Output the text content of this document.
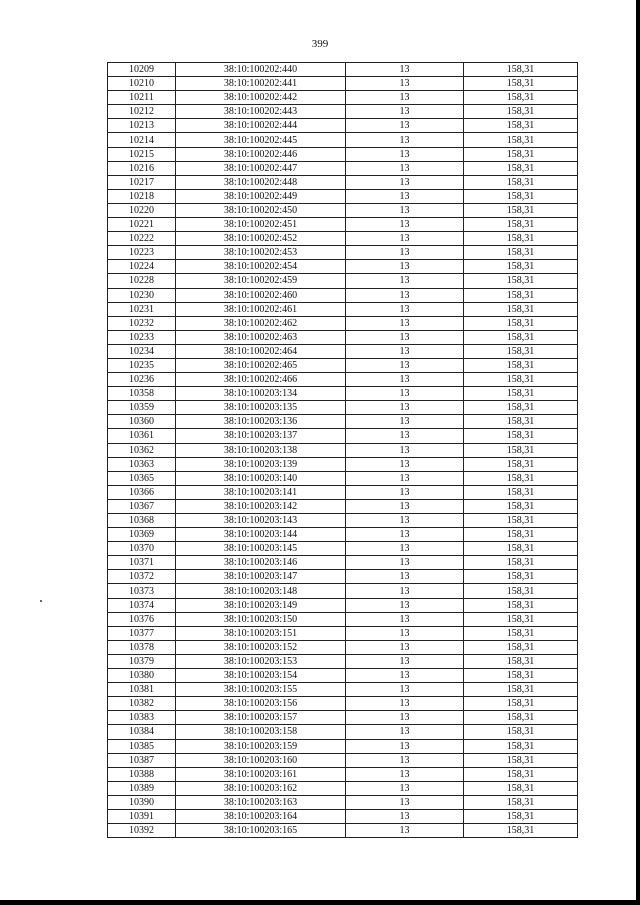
399
10209	38:10:100202:440	13	158,31
10210	38:10:100202:441	13	158,31
10211	38:10:100202:442	13	158,31
10212	38:10:100202:443	13	158,31
10213	38:10:100202:444	13	158,31
10214	38:10:100202:445	13	158,31
10215	38:10:100202:446	13	158,31
10216	38:10:100202:447	13	158,31
10217	38:10:100202:448	13	158,31
10218	38:10:100202:449	13	158,31
10220	38:10:100202:450	13	158,31
10221	38:10:100202:451	13	158,31
10222	38:10:100202:452	13	158,31
10223	38:10:100202:453	13	158,31
10224	38:10:100202:454	13	158,31
10228	38:10:100202:459	13	158,31
10230	38:10:100202:460	13	158,31
10231	38:10:100202:461	13	158,31
10232	38:10:100202:462	13	158,31
10233	38:10:100202:463	13	158,31
10234	38:10:100202:464	13	158,31
10235	38:10:100202:465	13	158,31
10236	38:10:100202:466	13	158,31
10358	38:10:100203:134	13	158,31
10359	38:10:100203:135	13	158,31
10360	38:10:100203:136	13	158,31
10361	38:10:100203:137	13	158,31
10362	38:10:100203:138	13	158,31
10363	38:10:100203:139	13	158,31
10365	38:10:100203:140	13	158,31
10366	38:10:100203:141	13	158,31
10367	38:10:100203:142	13	158,31
10368	38:10:100203:143	13	158,31
10369	38:10:100203:144	13	158,31
10370	38:10:100203:145	13	158,31
10371	38:10:100203:146	13	158,31
10372	38:10:100203:147	13	158,31
10373	38:10:100203:148	13	158,31
10374	38:10:100203:149	13	158,31
10376	38:10:100203:150	13	158,31
10377	38:10:100203:151	13	158,31
10378	38:10:100203:152	13	158,31
10379	38:10:100203:153	13	158,31
10380	38:10:100203:154	13	158,31
10381	38:10:100203:155	13	158,31
10382	38:10:100203:156	13	158,31
10383	38:10:100203:157	13	158,31
10384	38:10:100203:158	13	158,31
10385	38:10:100203:159	13	158,31
10387	38:10:100203:160	13	158,31
10388	38:10:100203:161	13	158,31
10389	38:10:100203:162	13	158,31
10390	38:10:100203:163	13	158,31
10391	38:10:100203:164	13	158,31
10392	38:10:100203:165	13	158,31
